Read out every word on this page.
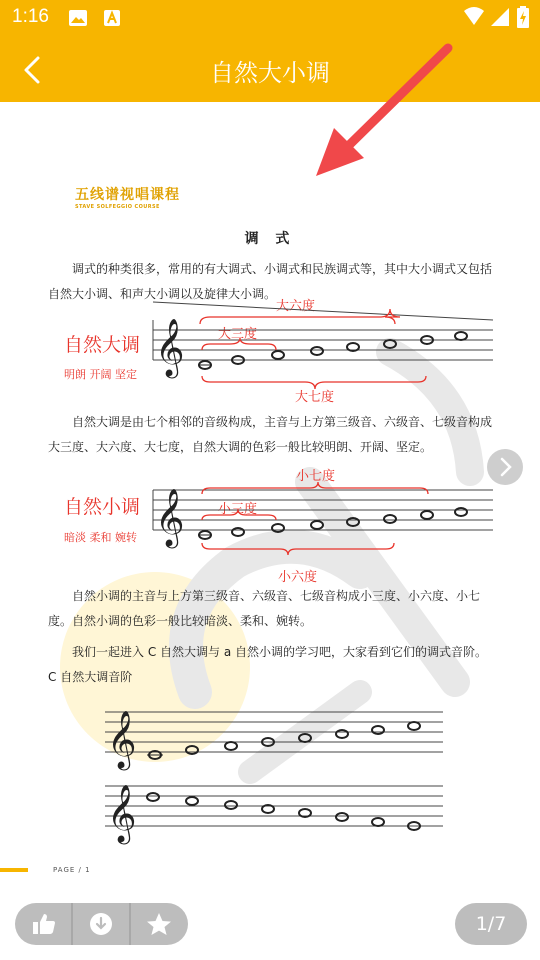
1:16
自然大小调
五线谱视唱课程
STAVE SOLFEGGIO COURSE
调 式
调式的种类很多，常用的有大调式、小调式和民族调式等，其中大小调式又包括自然大小调、和声大小调以及旋律大小调。
自然大调
明朗 开阔 坚定
大六度
大三度
大七度
𝄞
自然大调是由七个相邻的音级构成，主音与上方第三级音、六级音、七级音构成大三度、大六度、大七度，自然大调的色彩一般比较明朗、开阔、坚定。
自然小调
暗淡 柔和 婉转
小七度
小三度
小六度
𝄞
自然小调的主音与上方第三级音、六级音、七级音构成小三度、小六度、小七度。自然小调的色彩一般比较暗淡、柔和、婉转。
我们一起进入 C 自然大调与 a 自然小调的学习吧，大家看到它们的调式音阶。 C 自然大调音阶
𝄞
𝄞
PAGE / 1
1/7
